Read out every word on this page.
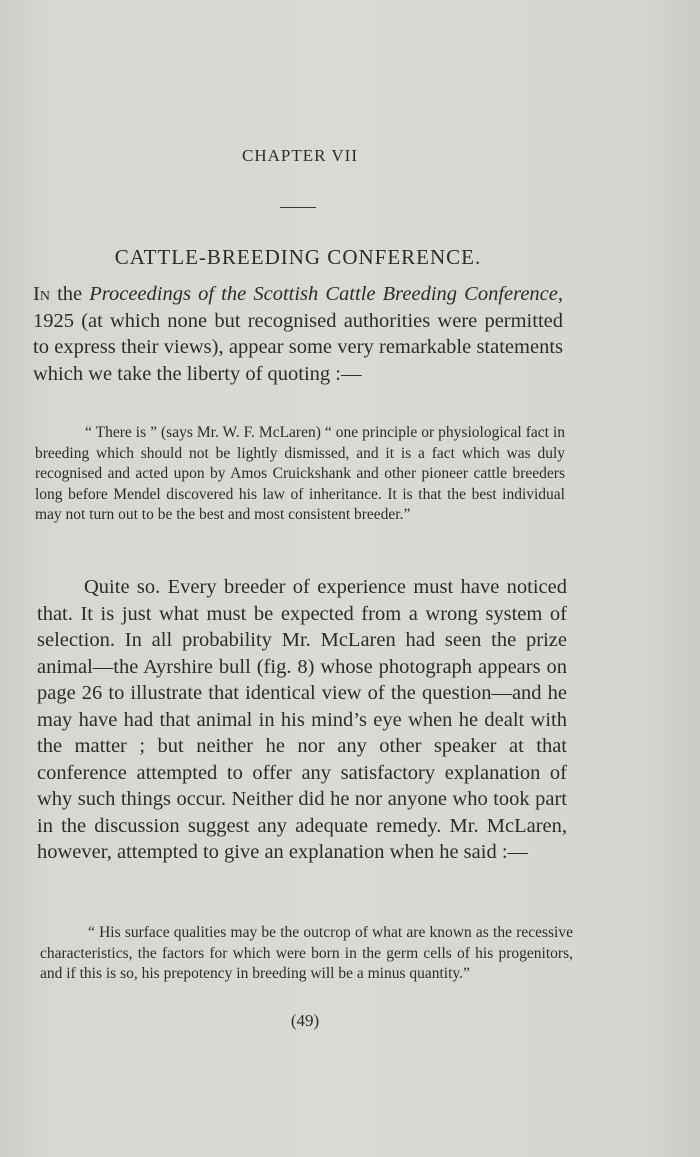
CHAPTER VII
CATTLE-BREEDING CONFERENCE.

In the Proceedings of the Scottish Cattle Breeding Conference, 1925 (at which none but recognised authorities were permitted to express their views), appear some very remarkable statements which we take the liberty of quoting :—

“ There is ” (says Mr. W. F. McLaren) “ one principle or physiological fact in breeding which should not be lightly dismissed, and it is a fact which was duly recognised and acted upon by Amos Cruickshank and other pioneer cattle breeders long before Mendel discovered his law of inheritance. It is that the best individual may not turn out to be the best and most consistent breeder.”

Quite so. Every breeder of experience must have noticed that. It is just what must be expected from a wrong system of selection. In all probability Mr. McLaren had seen the prize animal—the Ayrshire bull (fig. 8) whose photograph appears on page 26 to illustrate that identical view of the question—and he may have had that animal in his mind’s eye when he dealt with the matter ; but neither he nor any other speaker at that conference attempted to offer any satisfactory explanation of why such things occur. Neither did he nor anyone who took part in the discussion suggest any adequate remedy. Mr. McLaren, however, attempted to give an explanation when he said :—

“ His surface qualities may be the outcrop of what are known as the recessive characteristics, the factors for which were born in the germ cells of his progenitors, and if this is so, his prepotency in breeding will be a minus quantity.”

(49)
